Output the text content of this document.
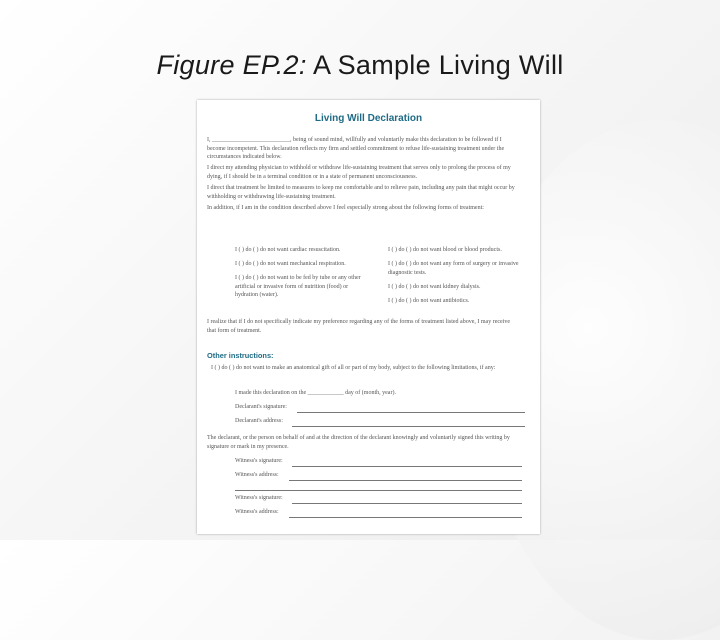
Figure EP.2: A Sample Living Will
Living Will Declaration
I, __________________________, being of sound mind, willfully and voluntarily make this declaration to be followed if I become incompetent. This declaration reflects my firm and settled commitment to refuse life-sustaining treatment under the circumstances indicated below.
I direct my attending physician to withhold or withdraw life-sustaining treatment that serves only to prolong the process of my dying, if I should be in a terminal condition or in a state of permanent unconsciousness.
I direct that treatment be limited to measures to keep me comfortable and to relieve pain, including any pain that might occur by withholding or withdrawing life-sustaining treatment.
In addition, if I am in the condition described above I feel especially strong about the following forms of treatment:
I ( ) do ( ) do not want cardiac resuscitation.
I ( ) do ( ) do not want mechanical respiration.
I ( ) do ( ) do not want to be fed by tube or any other artificial or invasive form of nutrition (food) or hydration (water).
I ( ) do ( ) do not want blood or blood products.
I ( ) do ( ) do not want any form of surgery or invasive diagnostic tests.
I ( ) do ( ) do not want kidney dialysis.
I ( ) do ( ) do not want antibiotics.
I realize that if I do not specifically indicate my preference regarding any of the forms of treatment listed above, I may receive that form of treatment.
Other instructions:
I ( ) do ( ) do not want to make an anatomical gift of all or part of my body, subject to the following limitations, if any:
I made this declaration on the ____________ day of (month, year).
Declarant's signature:
Declarant's address:
The declarant, or the person on behalf of and at the direction of the declarant knowingly and voluntarily signed this writing by signature or mark in my presence.
Witness's signature:
Witness's address:
Witness's signature:
Witness's address:
